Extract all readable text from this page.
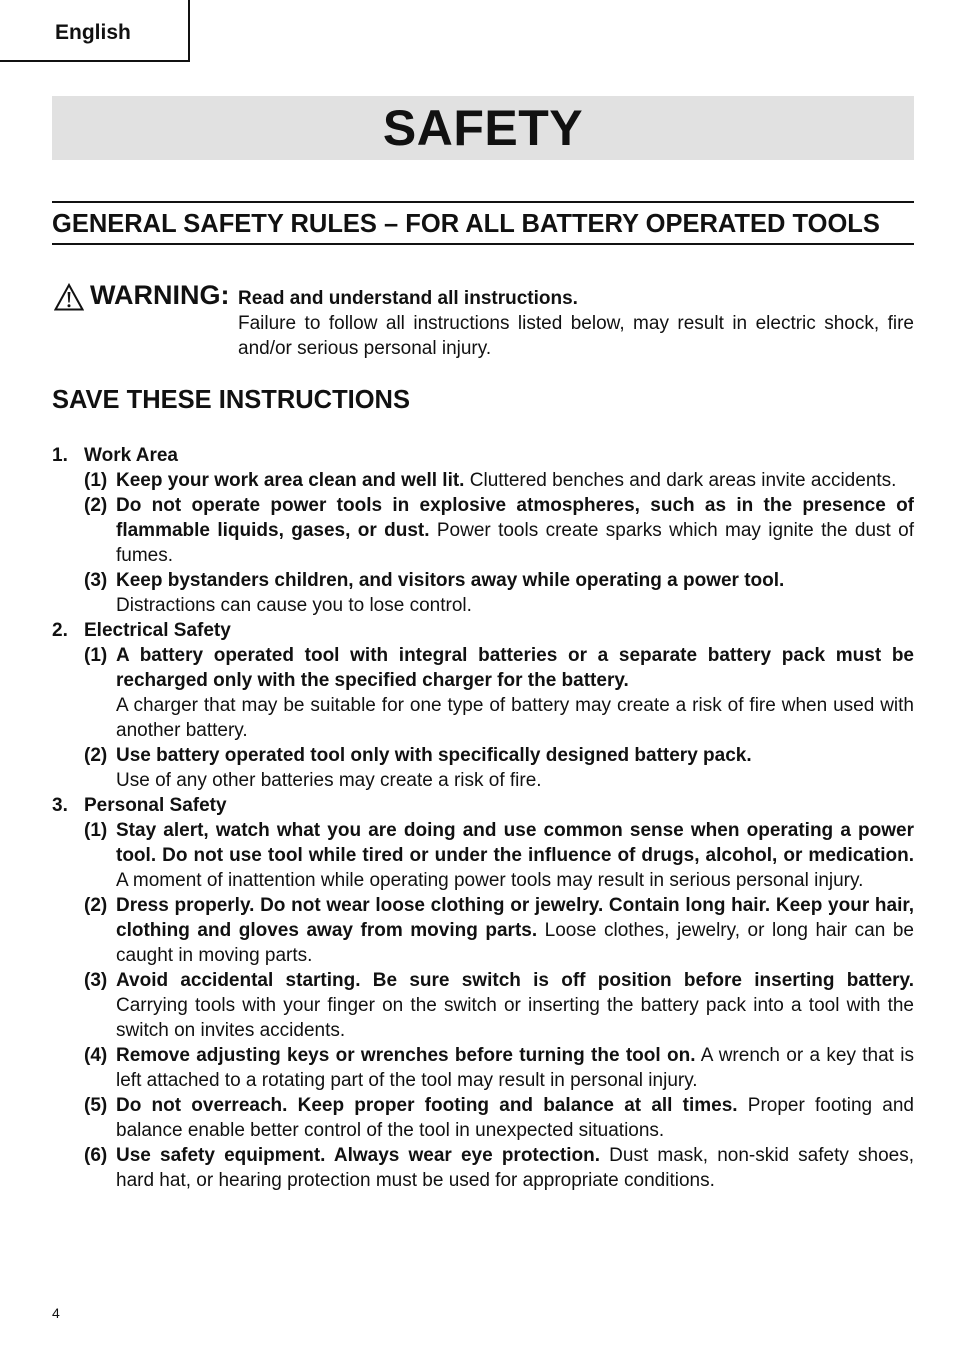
English
SAFETY
GENERAL SAFETY RULES – FOR ALL BATTERY OPERATED TOOLS
WARNING: Read and understand all instructions.
Failure to follow all instructions listed below, may result in electric shock, fire and/or serious personal injury.
SAVE THESE INSTRUCTIONS
1. Work Area
(1) Keep your work area clean and well lit. Cluttered benches and dark areas invite accidents.
(2) Do not operate power tools in explosive atmospheres, such as in the presence of flammable liquids, gases, or dust. Power tools create sparks which may ignite the dust of fumes.
(3) Keep bystanders children, and visitors away while operating a power tool.
Distractions can cause you to lose control.
2. Electrical Safety
(1) A battery operated tool with integral batteries or a separate battery pack must be recharged only with the specified charger for the battery.
A charger that may be suitable for one type of battery may create a risk of fire when used with another battery.
(2) Use battery operated tool only with specifically designed battery pack.
Use of any other batteries may create a risk of fire.
3. Personal Safety
(1) Stay alert, watch what you are doing and use common sense when operating a power tool. Do not use tool while tired or under the influence of drugs, alcohol, or medication. A moment of inattention while operating power tools may result in serious personal injury.
(2) Dress properly. Do not wear loose clothing or jewelry. Contain long hair. Keep your hair, clothing and gloves away from moving parts. Loose clothes, jewelry, or long hair can be caught in moving parts.
(3) Avoid accidental starting. Be sure switch is off position before inserting battery. Carrying tools with your finger on the switch or inserting the battery pack into a tool with the switch on invites accidents.
(4) Remove adjusting keys or wrenches before turning the tool on. A wrench or a key that is left attached to a rotating part of the tool may result in personal injury.
(5) Do not overreach. Keep proper footing and balance at all times. Proper footing and balance enable better control of the tool in unexpected situations.
(6) Use safety equipment. Always wear eye protection. Dust mask, non-skid safety shoes, hard hat, or hearing protection must be used for appropriate conditions.
4
